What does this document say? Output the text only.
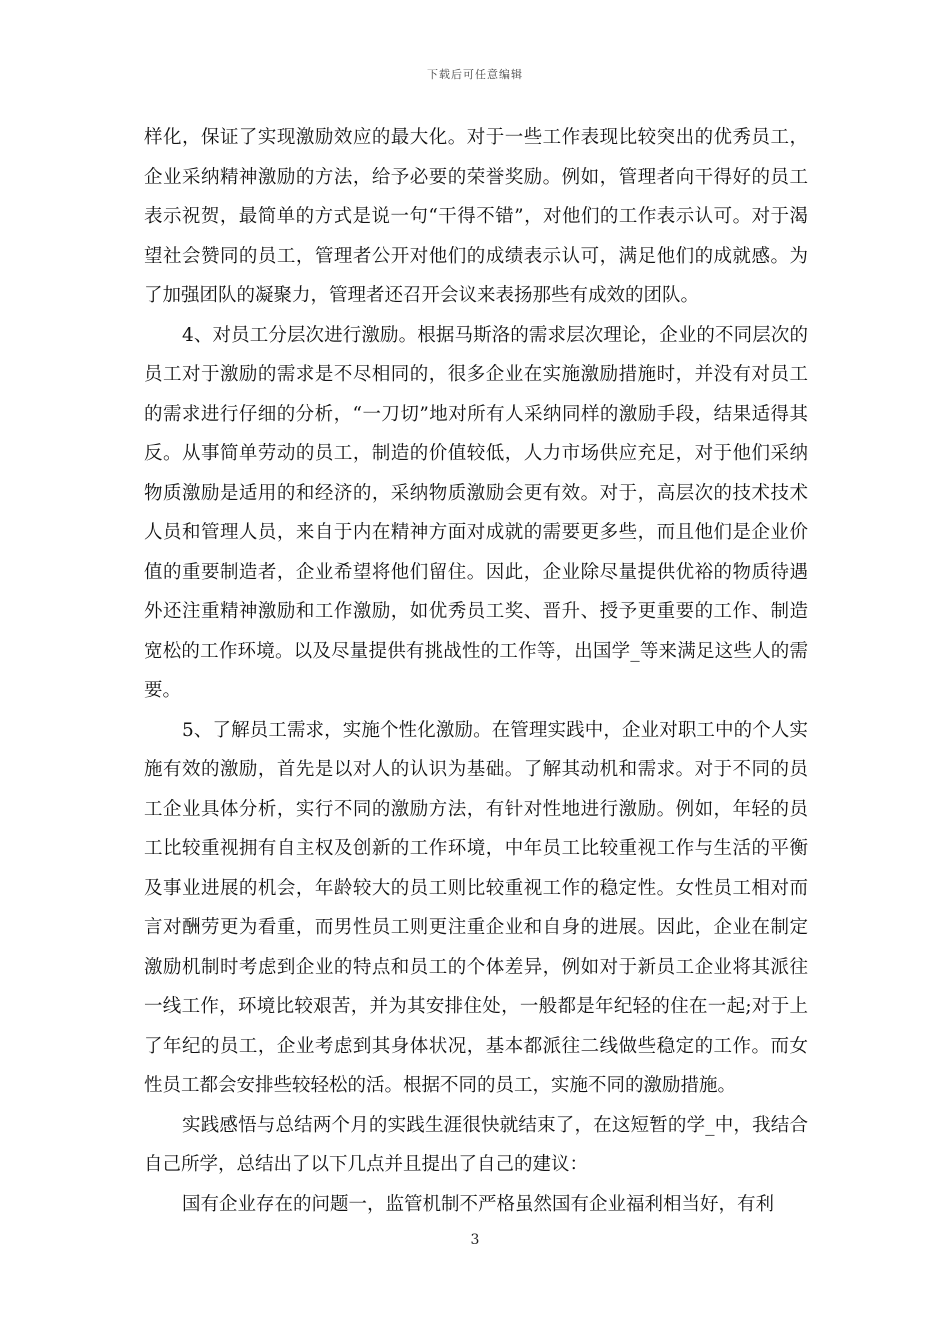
下载后可任意编辑

样化，保证了实现激励效应的最大化。对于一些工作表现比较突出的优秀员工，企业采纳精神激励的方法，给予必要的荣誉奖励。例如，管理者向干得好的员工表示祝贺，最简单的方式是说一句“干得不错”，对他们的工作表示认可。对于渴望社会赞同的员工，管理者公开对他们的成绩表示认可，满足他们的成就感。为了加强团队的凝聚力，管理者还召开会议来表扬那些有成效的团队。

4、对员工分层次进行激励。根据马斯洛的需求层次理论，企业的不同层次的员工对于激励的需求是不尽相同的，很多企业在实施激励措施时，并没有对员工的需求进行仔细的分析，“一刀切”地对所有人采纳同样的激励手段，结果适得其反。从事简单劳动的员工，制造的价值较低，人力市场供应充足，对于他们采纳物质激励是适用的和经济的，采纳物质激励会更有效。对于，高层次的技术技术人员和管理人员，来自于内在精神方面对成就的需要更多些，而且他们是企业价值的重要制造者，企业希望将他们留住。因此，企业除尽量提供优裕的物质待遇外还注重精神激励和工作激励，如优秀员工奖、晋升、授予更重要的工作、制造宽松的工作环境。以及尽量提供有挑战性的工作等，出国学_等来满足这些人的需要。

5、了解员工需求，实施个性化激励。在管理实践中，企业对职工中的个人实施有效的激励，首先是以对人的认识为基础。了解其动机和需求。对于不同的员工企业具体分析，实行不同的激励方法，有针对性地进行激励。例如，年轻的员工比较重视拥有自主权及创新的工作环境，中年员工比较重视工作与生活的平衡及事业进展的机会，年龄较大的员工则比较重视工作的稳定性。女性员工相对而言对酬劳更为看重，而男性员工则更注重企业和自身的进展。因此，企业在制定激励机制时考虑到企业的特点和员工的个体差异，例如对于新员工企业将其派往一线工作，环境比较艰苦，并为其安排住处，一般都是年纪轻的住在一起;对于上了年纪的员工，企业考虑到其身体状况，基本都派往二线做些稳定的工作。而女性员工都会安排些较轻松的活。根据不同的员工，实施不同的激励措施。

实践感悟与总结两个月的实践生涯很快就结束了，在这短暂的学_中，我结合自己所学，总结出了以下几点并且提出了自己的建议：

国有企业存在的问题一，监管机制不严格虽然国有企业福利相当好，有利

3
